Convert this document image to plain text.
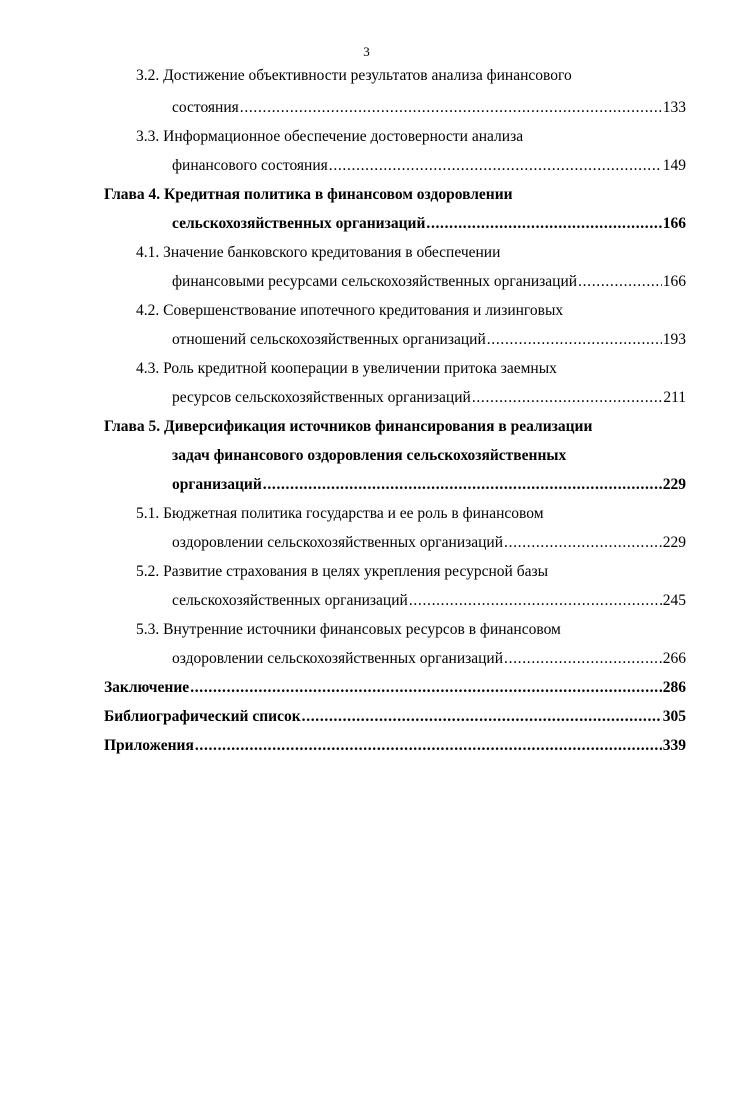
3
3.2. Достижение объективности результатов анализа финансового
состояния . . .	133
3.3. Информационное обеспечение достоверности анализа
финансового состояния . . .	149
Глава 4. Кредитная политика в финансовом оздоровлении
сельскохозяйственных организаций . . .	166
4.1. Значение банковского кредитования в обеспечении
финансовыми ресурсами сельскохозяйственных организаций . . .	166
4.2. Совершенствование ипотечного кредитования и лизинговых
отношений сельскохозяйственных организаций . . .	193
4.3. Роль кредитной кооперации в увеличении притока заемных
ресурсов сельскохозяйственных организаций . . .	211
Глава 5. Диверсификация источников финансирования в реализации
задач финансового оздоровления сельскохозяйственных
организаций . . .	229
5.1. Бюджетная политика государства и ее роль в финансовом
оздоровлении сельскохозяйственных организаций . . .	229
5.2. Развитие страхования в целях укрепления ресурсной базы
сельскохозяйственных организаций . . .	245
5.3. Внутренние источники финансовых ресурсов в финансовом
оздоровлении сельскохозяйственных организаций . . .	266
Заключение . . .	286
Библиографический список . . .	305
Приложения . . .	339
